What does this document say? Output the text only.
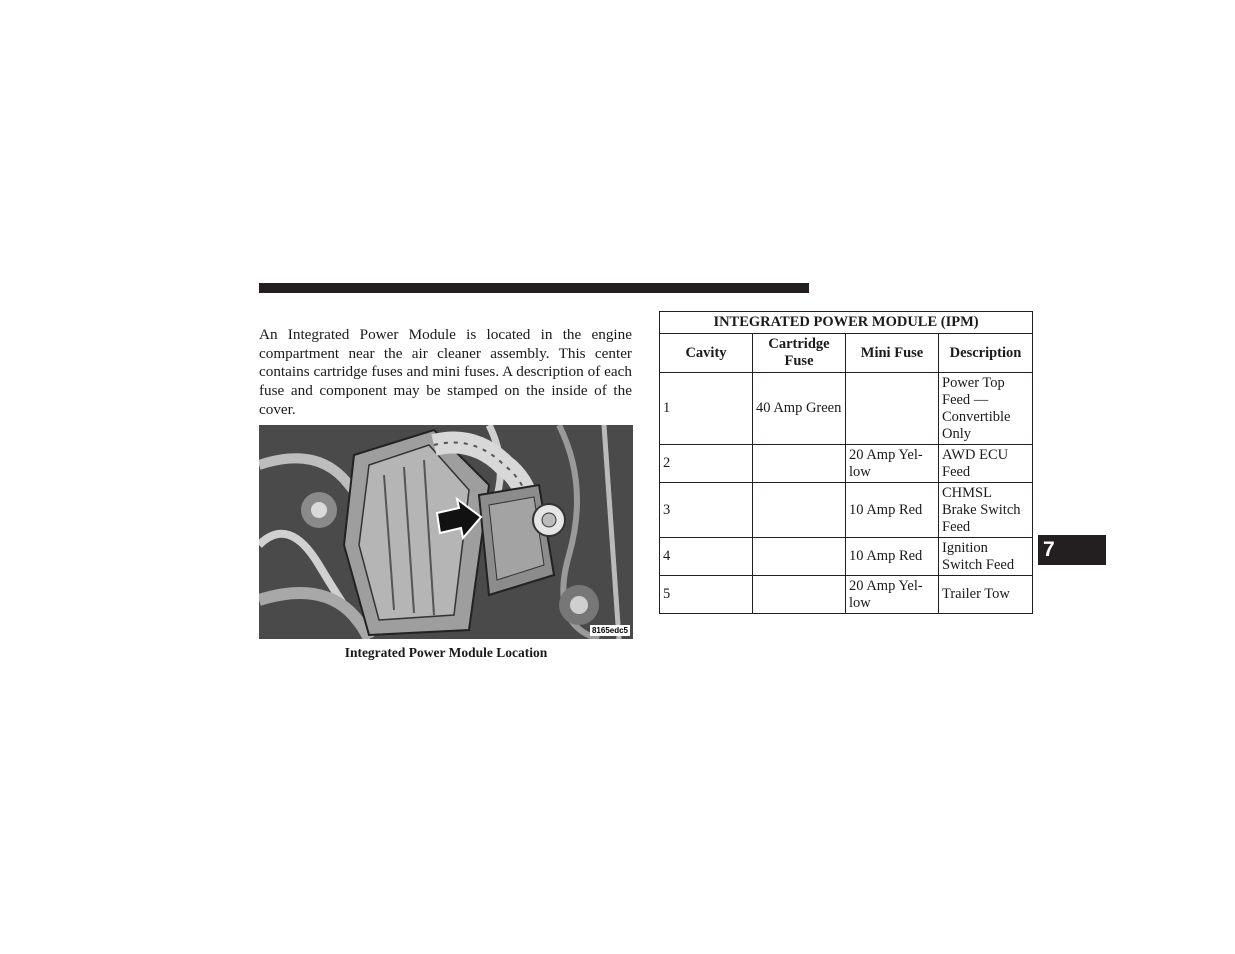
An Integrated Power Module is located in the engine compartment near the air cleaner assembly. This center contains cartridge fuses and mini fuses. A description of each fuse and component may be stamped on the inside of the cover.

8165edc5
Integrated Power Module Location
INTEGRATED POWER MODULE (IPM)			
Cavity	Cartridge Fuse	Mini Fuse	Description
1	40 Amp Green		Power Top Feed — Convertible Only
2		20 Amp Yel-low	AWD ECU Feed
3		10 Amp Red	CHMSL Brake Switch Feed
4		10 Amp Red	Ignition Switch Feed
5		20 Amp Yel-low	Trailer Tow
7
